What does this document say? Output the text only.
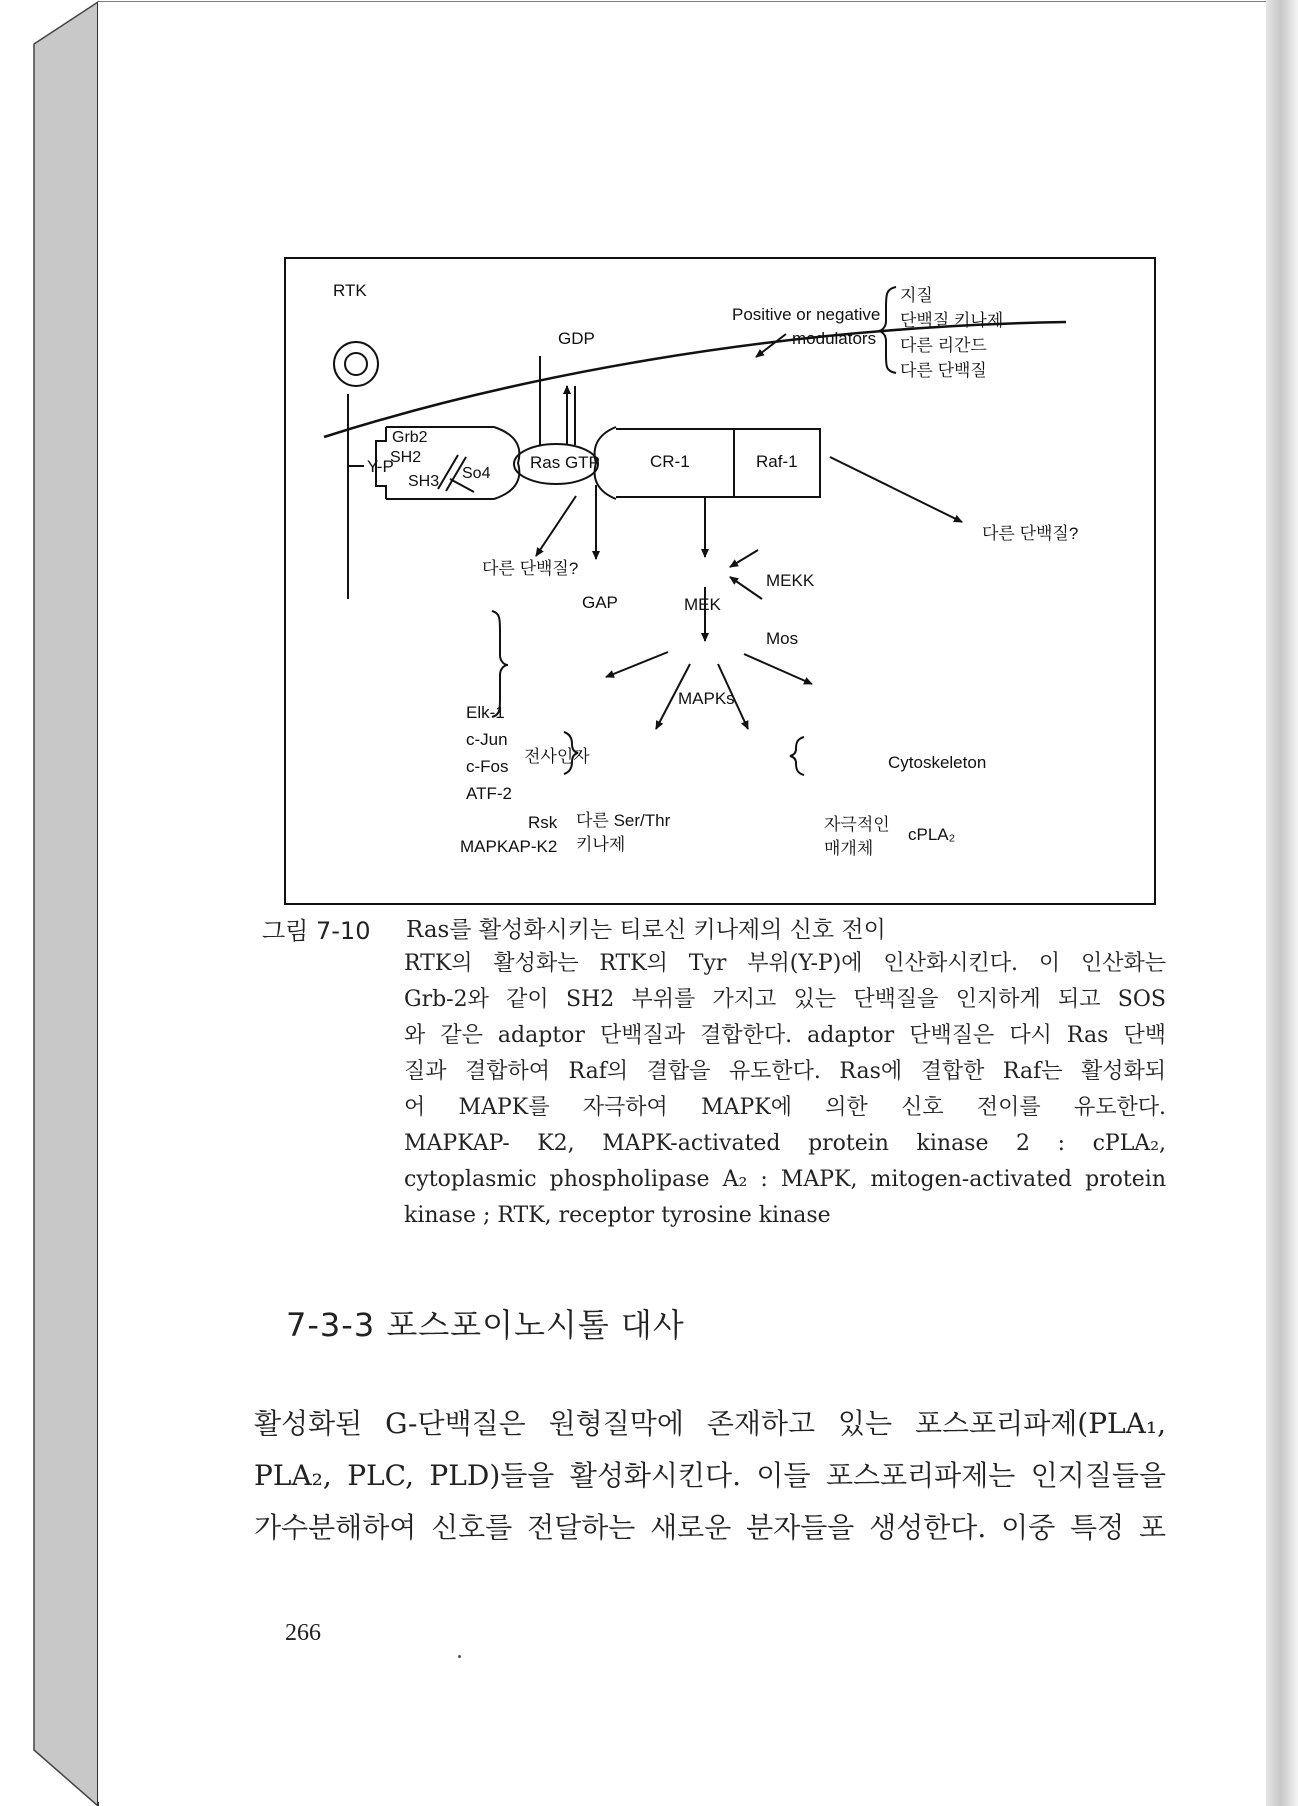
RTK
Y-P
Grb2
SH2
SH3 So4
GDP
Ras GTP	CR-1	Raf-1
Positive or negative
modulators
지질
단백질 키나제
다른 리간드
다른 단백질
다른 단백질?
다른 단백질?
GAP	MEK
MEKK
Mos
MAPKs
Elk-1
c-Jun
c-Fos
ATF-2
전사인자	Cytoskeleton
Rsk
MAPKAP-K2
다른 Ser/Thr
키나제
자극적인
매개체
cPLA₂
그림 7-10 Ras를 활성화시키는 티로신 키나제의 신호 전이

RTK의 활성화는 RTK의 Tyr 부위(Y-P)에 인산화시킨다. 이 인산화는
Grb-2와 같이 SH2 부위를 가지고 있는 단백질을 인지하게 되고 SOS
와 같은 adaptor 단백질과 결합한다. adaptor 단백질은 다시 Ras 단백
질과 결합하여 Raf의 결합을 유도한다. Ras에 결합한 Raf는 활성화되
어 MAPK를 자극하여 MAPK에 의한 신호 전이를 유도한다.
MAPKAP- K2, MAPK-activated protein kinase 2 : cPLA₂,
cytoplasmic phospholipase A₂ : MAPK, mitogen-activated protein
kinase ; RTK, receptor tyrosine kinase

7-3-3 포스포이노시톨 대사

활성화된 G-단백질은 원형질막에 존재하고 있는 포스포리파제(PLA₁,
PLA₂, PLC, PLD)들을 활성화시킨다. 이들 포스포리파제는 인지질들을
가수분해하여 신호를 전달하는 새로운 분자들을 생성한다. 이중 특정 포

266
